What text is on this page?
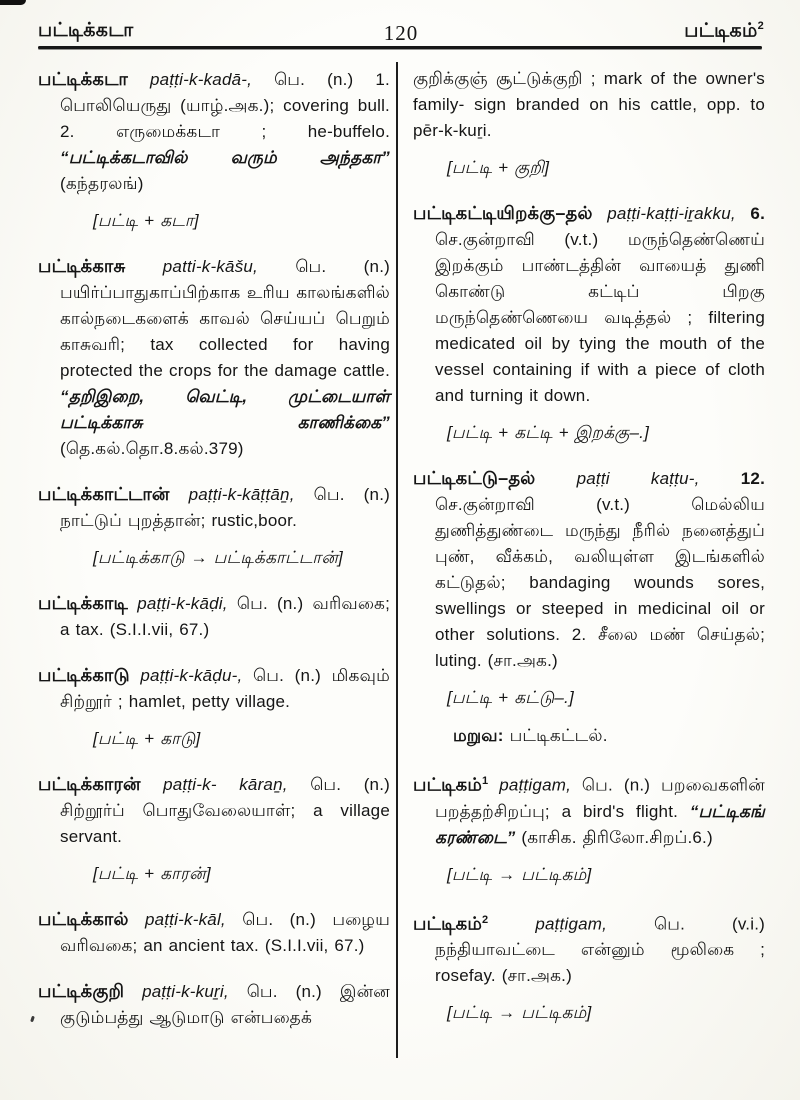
பட்டிக்கடா	120	பட்டிகம்$^2$

பட்டிக்கடா paṭṭi-k-kadā-, பெ. (n.) 1. பொலியெருது (யாழ்.அக.); covering bull. 2. எருமைக்கடா ; he-buffelo. “பட்டிக்கடாவில் வரும் அந்தகா” (கந்தரலங்)

[பட்டி + கடா]

பட்டிக்காசு patti-k-kāšu, பெ. (n.) பயிர்ப்பாதுகாப்பிற்காக உரிய காலங்களில் கால்நடைகளைக் காவல் செய்யப் பெறும் காசுவரி; tax collected for having protected the crops for the damage cattle. “தறிஇறை, வெட்டி, முட்டையாள் பட்டிக்காசு காணிக்கை” (தெ.கல்.தொ.8.கல்.379)

பட்டிக்காட்டான் paṭṭi-k-kāṭṭāṉ, பெ. (n.) நாட்டுப் புறத்தான்; rustic,boor.

[பட்டிக்காடு → பட்டிக்காட்டான்]

பட்டிக்காடி paṭṭi-k-kāḍi, பெ. (n.) வரிவகை; a tax. (S.I.I.vii, 67.)

பட்டிக்காடு paṭṭi-k-kāḍu-, பெ. (n.) மிகவும் சிற்றூர் ; hamlet, petty village.

[பட்டி + காடு]

பட்டிக்காரன் paṭṭi-k- kāraṉ, பெ. (n.) சிற்றூர்ப் பொதுவேலையாள்; a village servant.

[பட்டி + காரன்]

பட்டிக்கால் paṭṭi-k-kāl, பெ. (n.) பழைய வரிவகை; an ancient tax. (S.I.I.vii, 67.)

பட்டிக்குறி paṭṭi-k-kuṟi, பெ. (n.) இன்ன குடும்பத்து ஆடுமாடு என்பதைக்

குறிக்குஞ் சூட்டுக்குறி ; mark of the owner's family- sign branded on his cattle, opp. to pēr-k-kuṟi.

[பட்டி + குறி]

பட்டிகட்டியிறக்கு–தல் paṭṭi-kaṭṭi-iṟakku, 6. செ.குன்றாவி (v.t.) மருந்தெண்ணெய் இறக்கும் பாண்டத்தின் வாயைத் துணி கொண்டு கட்டிப் பிறகு மருந்தெண்ணெயை வடித்தல் ; filtering medicated oil by tying the mouth of the vessel containing if with a piece of cloth and turning it down.

[பட்டி + கட்டி + இறக்கு–.]

பட்டிகட்டு–தல் paṭṭi kaṭṭu-, 12. செ.குன்றாவி (v.t.) மெல்லிய துணித்துண்டை மருந்து நீரில் நனைத்துப் புண், வீக்கம், வலியுள்ள இடங்களில் கட்டுதல்; bandaging wounds sores, swellings or steeped in medicinal oil or other solutions. 2. சீலை மண் செய்தல்; luting. (சா.அக.)

[பட்டி + கட்டு–.]

மறுவ: பட்டிகட்டல்.

பட்டிகம்$^1$ paṭṭigam, பெ. (n.) பறவைகளின் பறத்தற்சிறப்பு; a bird's flight. “பட்டிகங் கரண்டை” (காசிக. திரிலோ.சிறப்.6.)

[பட்டி → பட்டிகம்]

பட்டிகம்$^2$	paṭṭigam,	பெ. (v.i.) நந்தியாவட்டை என்னும் மூலிகை ; rosefay. (சா.அக.)

[பட்டி → பட்டிகம்]
